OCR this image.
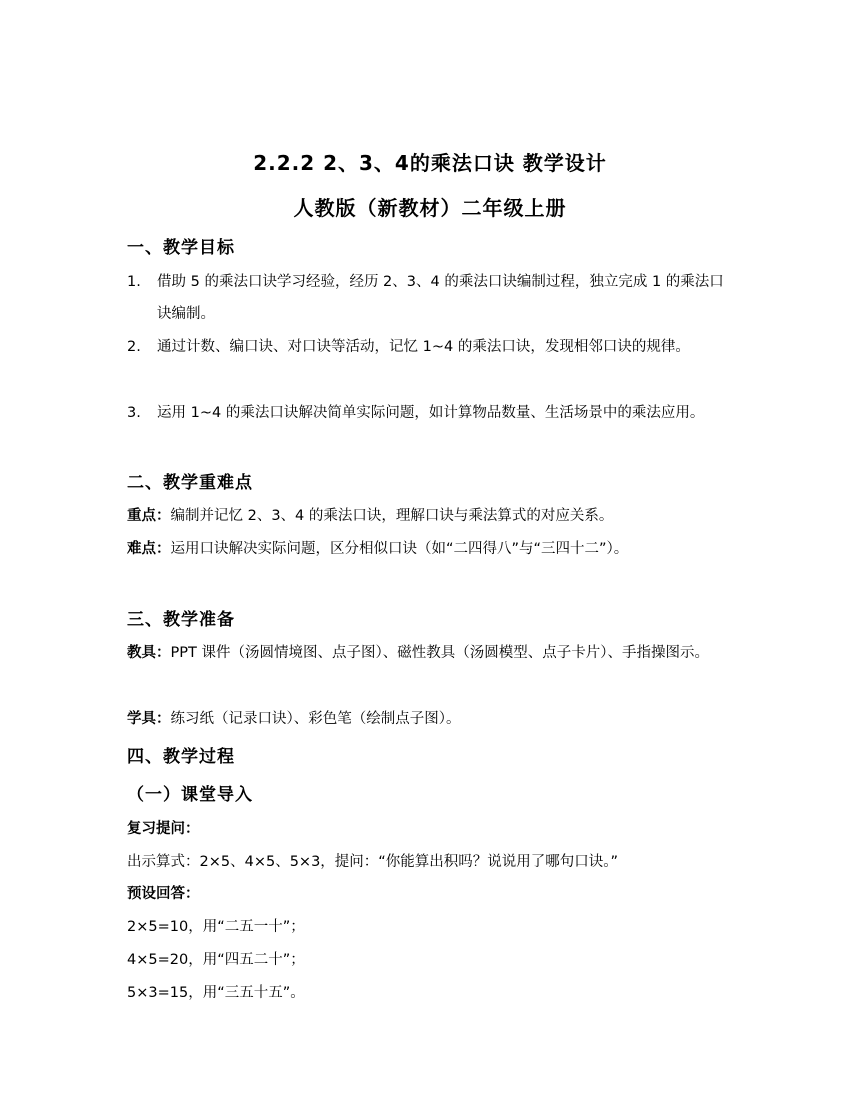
2.2.2 2、3、4的乘法口诀 教学设计
人教版（新教材）二年级上册
一、教学目标
1.	借助 5 的乘法口诀学习经验，经历 2、3、4 的乘法口诀编制过程，独立完成 1 的乘法口诀编制。
2.	通过计数、编口诀、对口诀等活动，记忆 1~4 的乘法口诀，发现相邻口诀的规律。
3.	运用 1~4 的乘法口诀解决简单实际问题，如计算物品数量、生活场景中的乘法应用。
二、教学重难点
重点：编制并记忆 2、3、4 的乘法口诀，理解口诀与乘法算式的对应关系。
难点：运用口诀解决实际问题，区分相似口诀（如“二四得八”与“三四十二”）。
三、教学准备
教具：PPT 课件（汤圆情境图、点子图）、磁性教具（汤圆模型、点子卡片）、手指操图示。
学具：练习纸（记录口诀）、彩色笔（绘制点子图）。
四、教学过程
（一）课堂导入
复习提问：
出示算式：2×5、4×5、5×3，提问：“你能算出积吗？说说用了哪句口诀。”
预设回答：
2×5=10，用“二五一十”；
4×5=20，用“四五二十”；
5×3=15，用“三五十五”。
